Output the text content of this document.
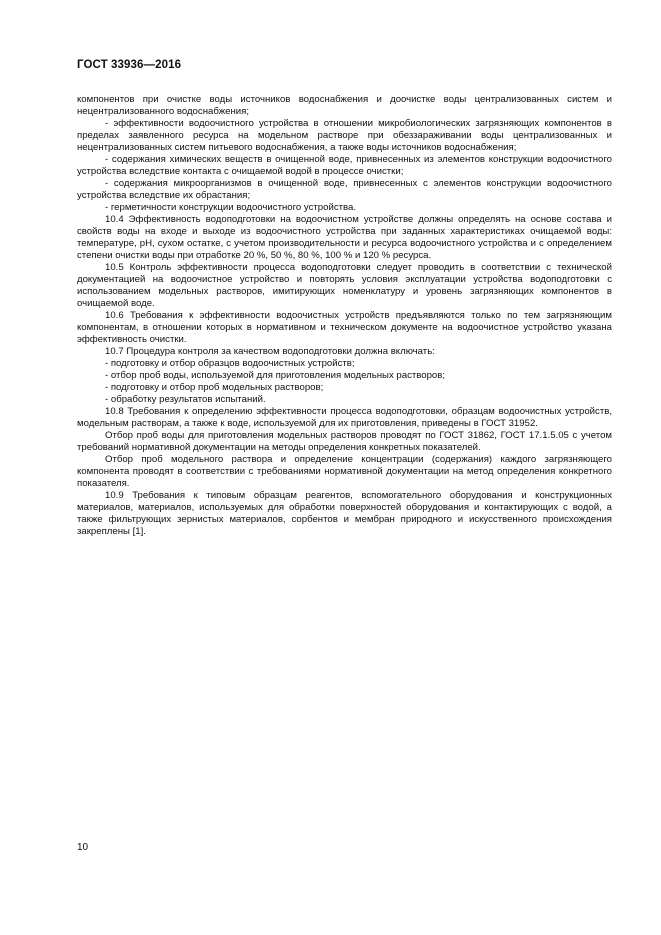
ГОСТ 33936—2016

компонентов при очистке воды источников водоснабжения и доочистке воды централизованных систем и нецентрализованного водоснабжения;

- эффективности водоочистного устройства в отношении микробиологических загрязняющих компонентов в пределах заявленного ресурса на модельном растворе при обеззараживании воды централизованных и нецентрализованных систем питьевого водоснабжения, а также воды источников водоснабжения;

- содержания химических веществ в очищенной воде, привнесенных из элементов конструкции водоочистного устройства вследствие контакта с очищаемой водой в процессе очистки;

- содержания микроорганизмов в очищенной воде, привнесенных с элементов конструкции водоочистного устройства вследствие их обрастания;

- герметичности конструкции водоочистного устройства.

10.4 Эффективность водоподготовки на водоочистном устройстве должны определять на основе состава и свойств воды на входе и выходе из водоочистного устройства при заданных характеристиках очищаемой воды: температуре, pH, сухом остатке, с учетом производительности и ресурса водоочистного устройства и с определением степени очистки воды при отработке 20 %, 50 %, 80 %, 100 % и 120 % ресурса.

10.5 Контроль эффективности процесса водоподготовки следует проводить в соответствии с технической документацией на водоочистное устройство и повторять условия эксплуатации устройства водоподготовки с использованием модельных растворов, имитирующих номенклатуру и уровень загрязняющих компонентов в очищаемой воде.

10.6 Требования к эффективности водоочистных устройств предъявляются только по тем загрязняющим компонентам, в отношении которых в нормативном и техническом документе на водоочистное устройство указана эффективность очистки.

10.7 Процедура контроля за качеством водоподготовки должна включать:

- подготовку и отбор образцов водоочистных устройств;

- отбор проб воды, используемой для приготовления модельных растворов;

- подготовку и отбор проб модельных растворов;

- обработку результатов испытаний.

10.8 Требования к определению эффективности процесса водоподготовки, образцам водоочистных устройств, модельным растворам, а также к воде, используемой для их приготовления, приведены в ГОСТ 31952.

Отбор проб воды для приготовления модельных растворов проводят по ГОСТ 31862, ГОСТ 17.1.5.05 с учетом требований нормативной документации на методы определения конкретных показателей.

Отбор проб модельного раствора и определение концентрации (содержания) каждого загрязняющего компонента проводят в соответствии с требованиями нормативной документации на метод определения конкретного показателя.

10.9 Требования к типовым образцам реагентов, вспомогательного оборудования и конструкционных материалов, материалов, используемых для обработки поверхностей оборудования и контактирующих с водой, а также фильтрующих зернистых материалов, сорбентов и мембран природного и искусственного происхождения закреплены [1].

10
